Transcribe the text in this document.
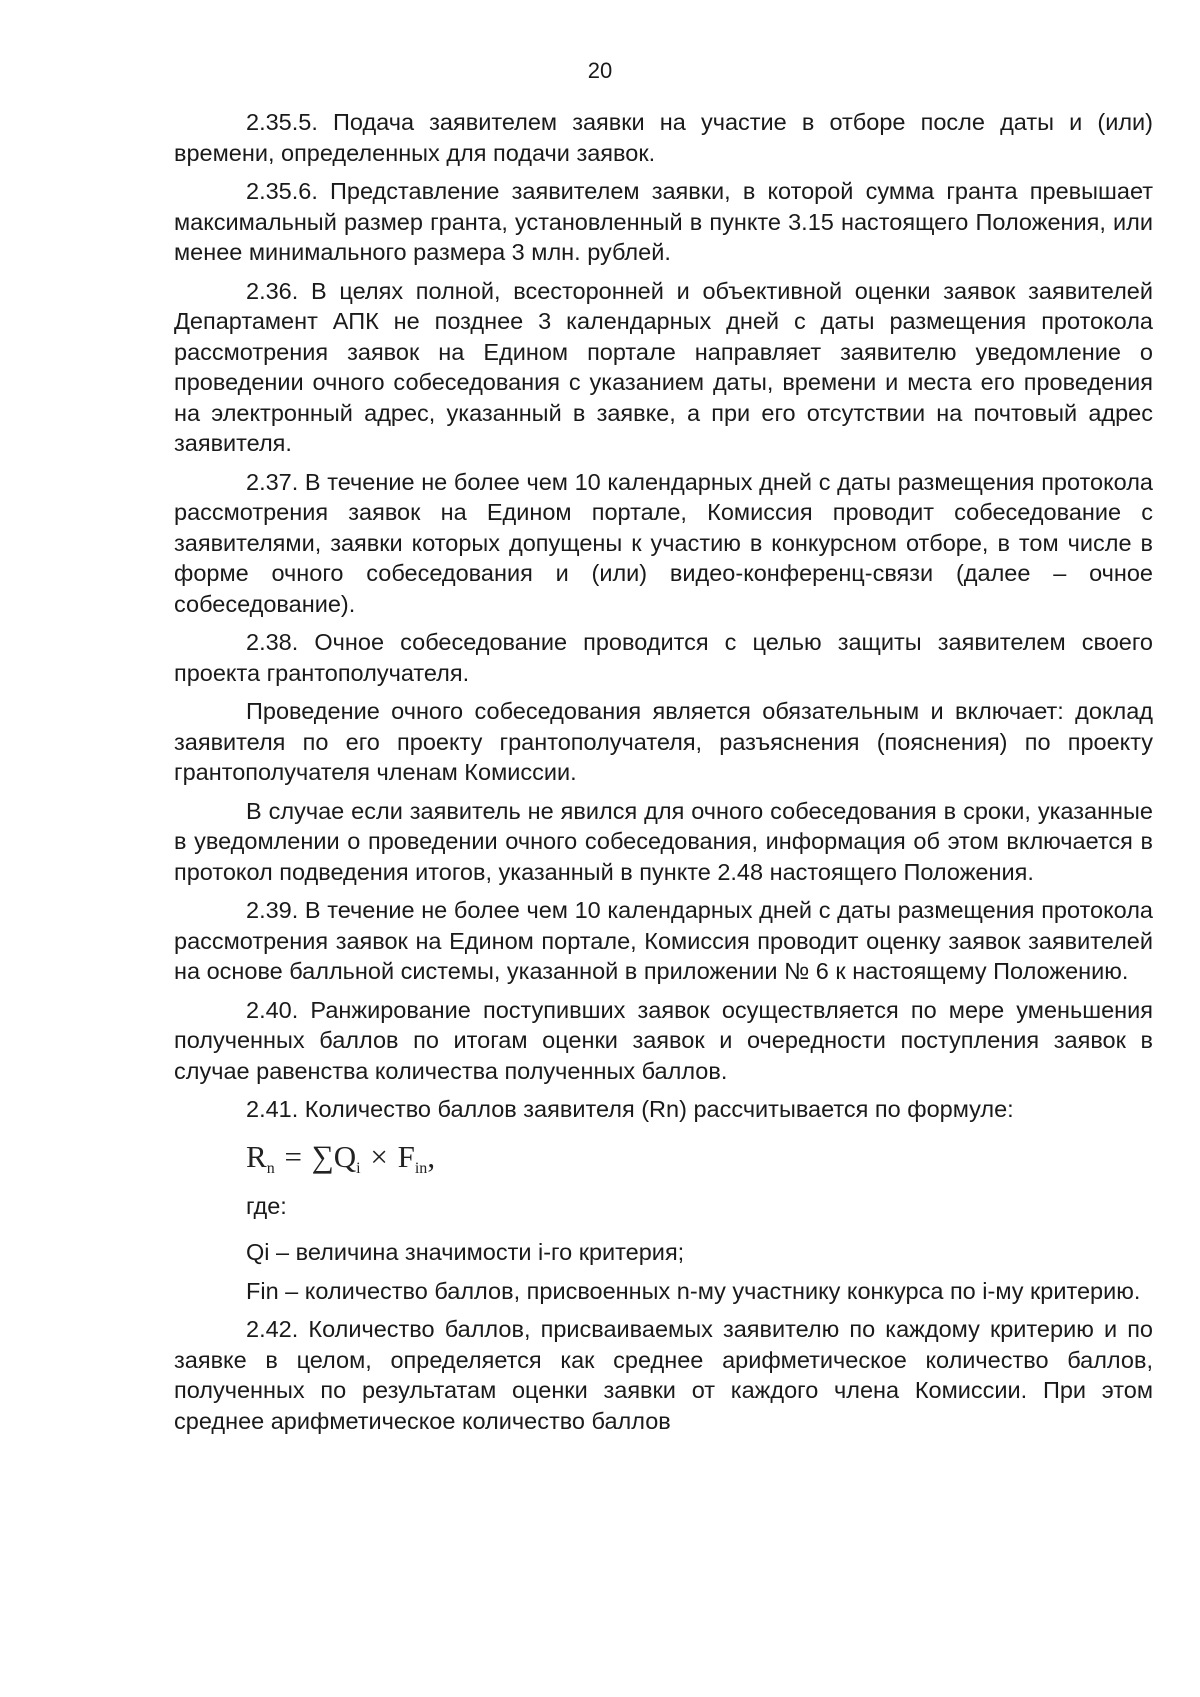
20

2.35.5. Подача заявителем заявки на участие в отборе после даты и (или) времени, определенных для подачи заявок.

2.35.6. Представление заявителем заявки, в которой сумма гранта превышает максимальный размер гранта, установленный в пункте 3.15 настоящего Положения, или менее минимального размера 3 млн. рублей.

2.36. В целях полной, всесторонней и объективной оценки заявок заявителей Департамент АПК не позднее 3 календарных дней с даты размещения протокола рассмотрения заявок на Едином портале направляет заявителю уведомление о проведении очного собеседования с указанием даты, времени и места его проведения на электронный адрес, указанный в заявке, а при его отсутствии на почтовый адрес заявителя.

2.37. В течение не более чем 10 календарных дней с даты размещения протокола рассмотрения заявок на Едином портале, Комиссия проводит собеседование с заявителями, заявки которых допущены к участию в конкурсном отборе, в том числе в форме очного собеседования и (или) видео-конференц-связи (далее – очное собеседование).

2.38. Очное собеседование проводится с целью защиты заявителем своего проекта грантополучателя.

Проведение очного собеседования является обязательным и включает: доклад заявителя по его проекту грантополучателя, разъяснения (пояснения) по проекту грантополучателя членам Комиссии.

В случае если заявитель не явился для очного собеседования в сроки, указанные в уведомлении о проведении очного собеседования, информация об этом включается в протокол подведения итогов, указанный в пункте 2.48 настоящего Положения.

2.39. В течение не более чем 10 календарных дней с даты размещения протокола рассмотрения заявок на Едином портале, Комиссия проводит оценку заявок заявителей на основе балльной системы, указанной в приложении № 6 к настоящему Положению.

2.40. Ранжирование поступивших заявок осуществляется по мере уменьшения полученных баллов по итогам оценки заявок и очередности поступления заявок в случае равенства количества полученных баллов.

2.41. Количество баллов заявителя (Rn) рассчитывается по формуле:

$R_n = \sum Q_i \times F_{in}$,

где:

Qi – величина значимости i-го критерия;

Fin – количество баллов, присвоенных n-му участнику конкурса по i-му критерию.

2.42. Количество баллов, присваиваемых заявителю по каждому критерию и по заявке в целом, определяется как среднее арифметическое количество баллов, полученных по результатам оценки заявки от каждого члена Комиссии. При этом среднее арифметическое количество баллов
